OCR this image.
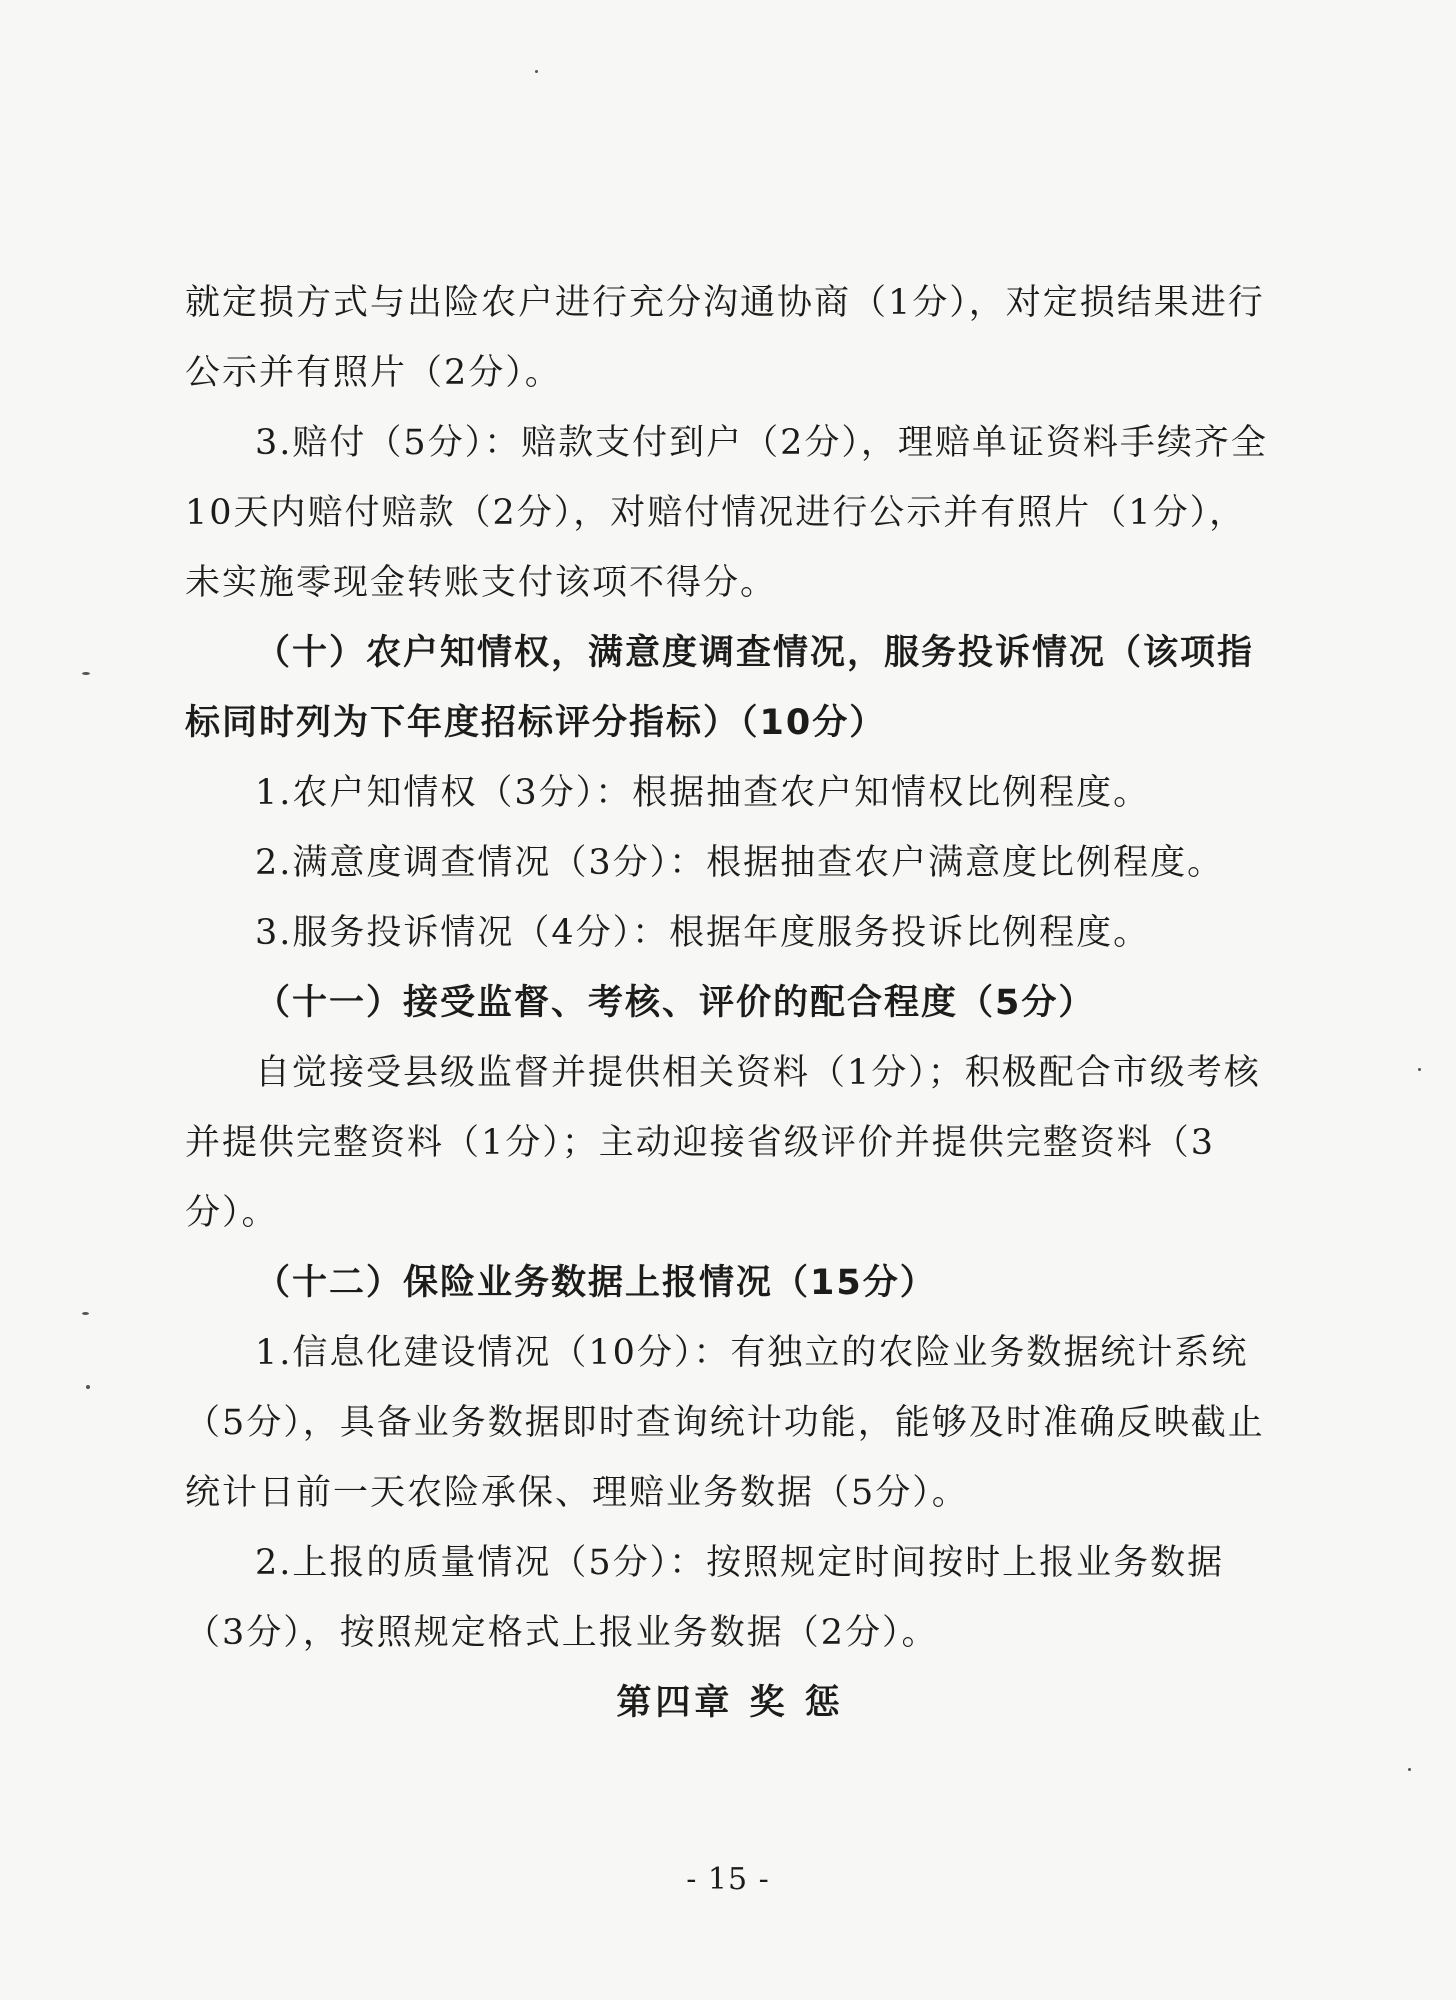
就定损方式与出险农户进行充分沟通协商（1分），对定损结果进行公示并有照片（2分）。

3.赔付（5分）：赔款支付到户（2分），理赔单证资料手续齐全10天内赔付赔款（2分），对赔付情况进行公示并有照片（1分），未实施零现金转账支付该项不得分。

（十）农户知情权，满意度调查情况，服务投诉情况（该项指标同时列为下年度招标评分指标）（10分）

1.农户知情权（3分）：根据抽查农户知情权比例程度。

2.满意度调查情况（3分）：根据抽查农户满意度比例程度。

3.服务投诉情况（4分）：根据年度服务投诉比例程度。

（十一）接受监督、考核、评价的配合程度（5分）

自觉接受县级监督并提供相关资料（1分）；积极配合市级考核并提供完整资料（1分）；主动迎接省级评价并提供完整资料（3分）。

（十二）保险业务数据上报情况（15分）

1.信息化建设情况（10分）：有独立的农险业务数据统计系统（5分），具备业务数据即时查询统计功能，能够及时准确反映截止统计日前一天农险承保、理赔业务数据（5分）。

2.上报的质量情况（5分）：按照规定时间按时上报业务数据（3分），按照规定格式上报业务数据（2分）。

第四章 奖 惩

- 15 -
